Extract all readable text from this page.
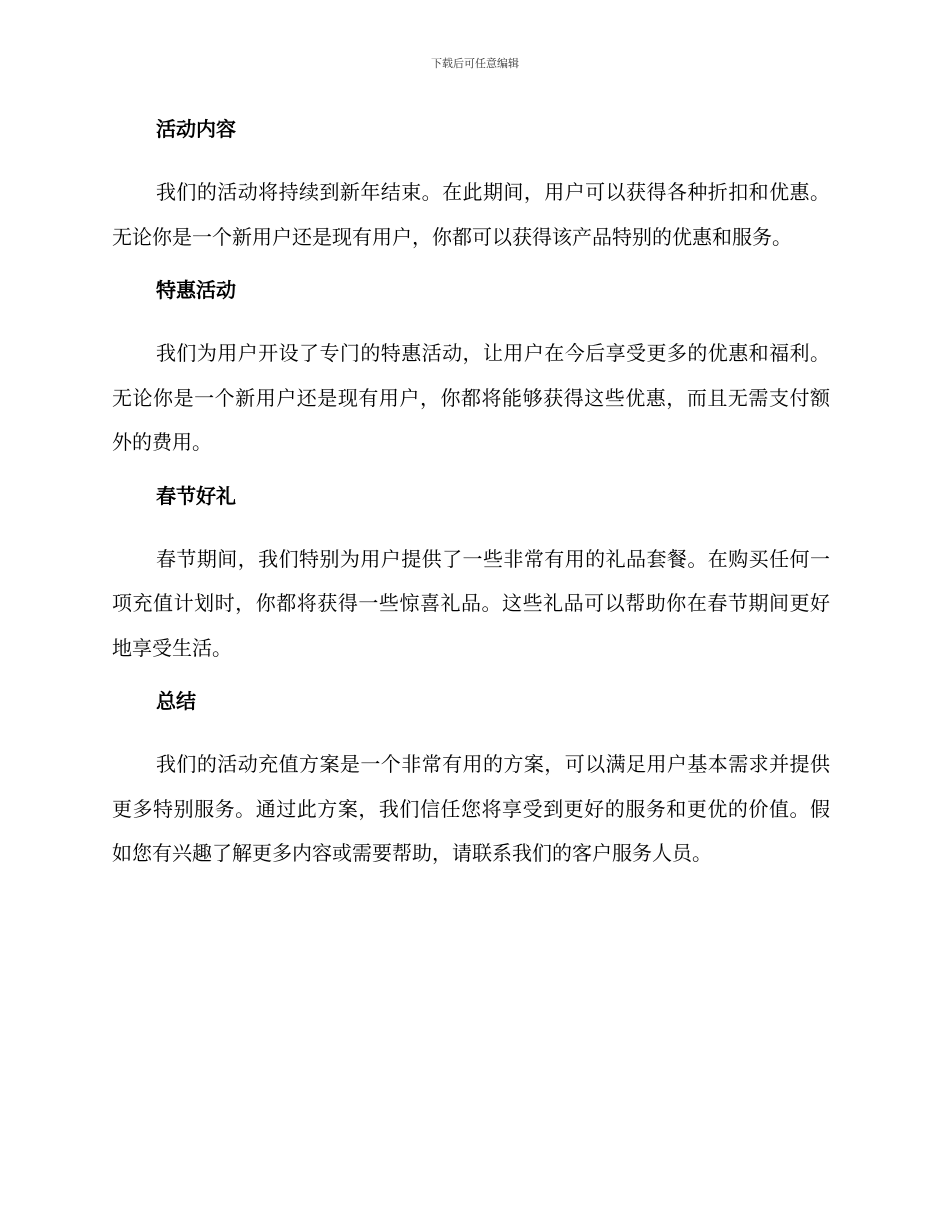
下载后可任意编辑
活动内容

我们的活动将持续到新年结束。在此期间，用户可以获得各种折扣和优惠。无论你是一个新用户还是现有用户，你都可以获得该产品特别的优惠和服务。

特惠活动

我们为用户开设了专门的特惠活动，让用户在今后享受更多的优惠和福利。无论你是一个新用户还是现有用户，你都将能够获得这些优惠，而且无需支付额外的费用。

春节好礼

春节期间，我们特别为用户提供了一些非常有用的礼品套餐。在购买任何一项充值计划时，你都将获得一些惊喜礼品。这些礼品可以帮助你在春节期间更好地享受生活。

总结

我们的活动充值方案是一个非常有用的方案，可以满足用户基本需求并提供更多特别服务。通过此方案，我们信任您将享受到更好的服务和更优的价值。假如您有兴趣了解更多内容或需要帮助，请联系我们的客户服务人员。
